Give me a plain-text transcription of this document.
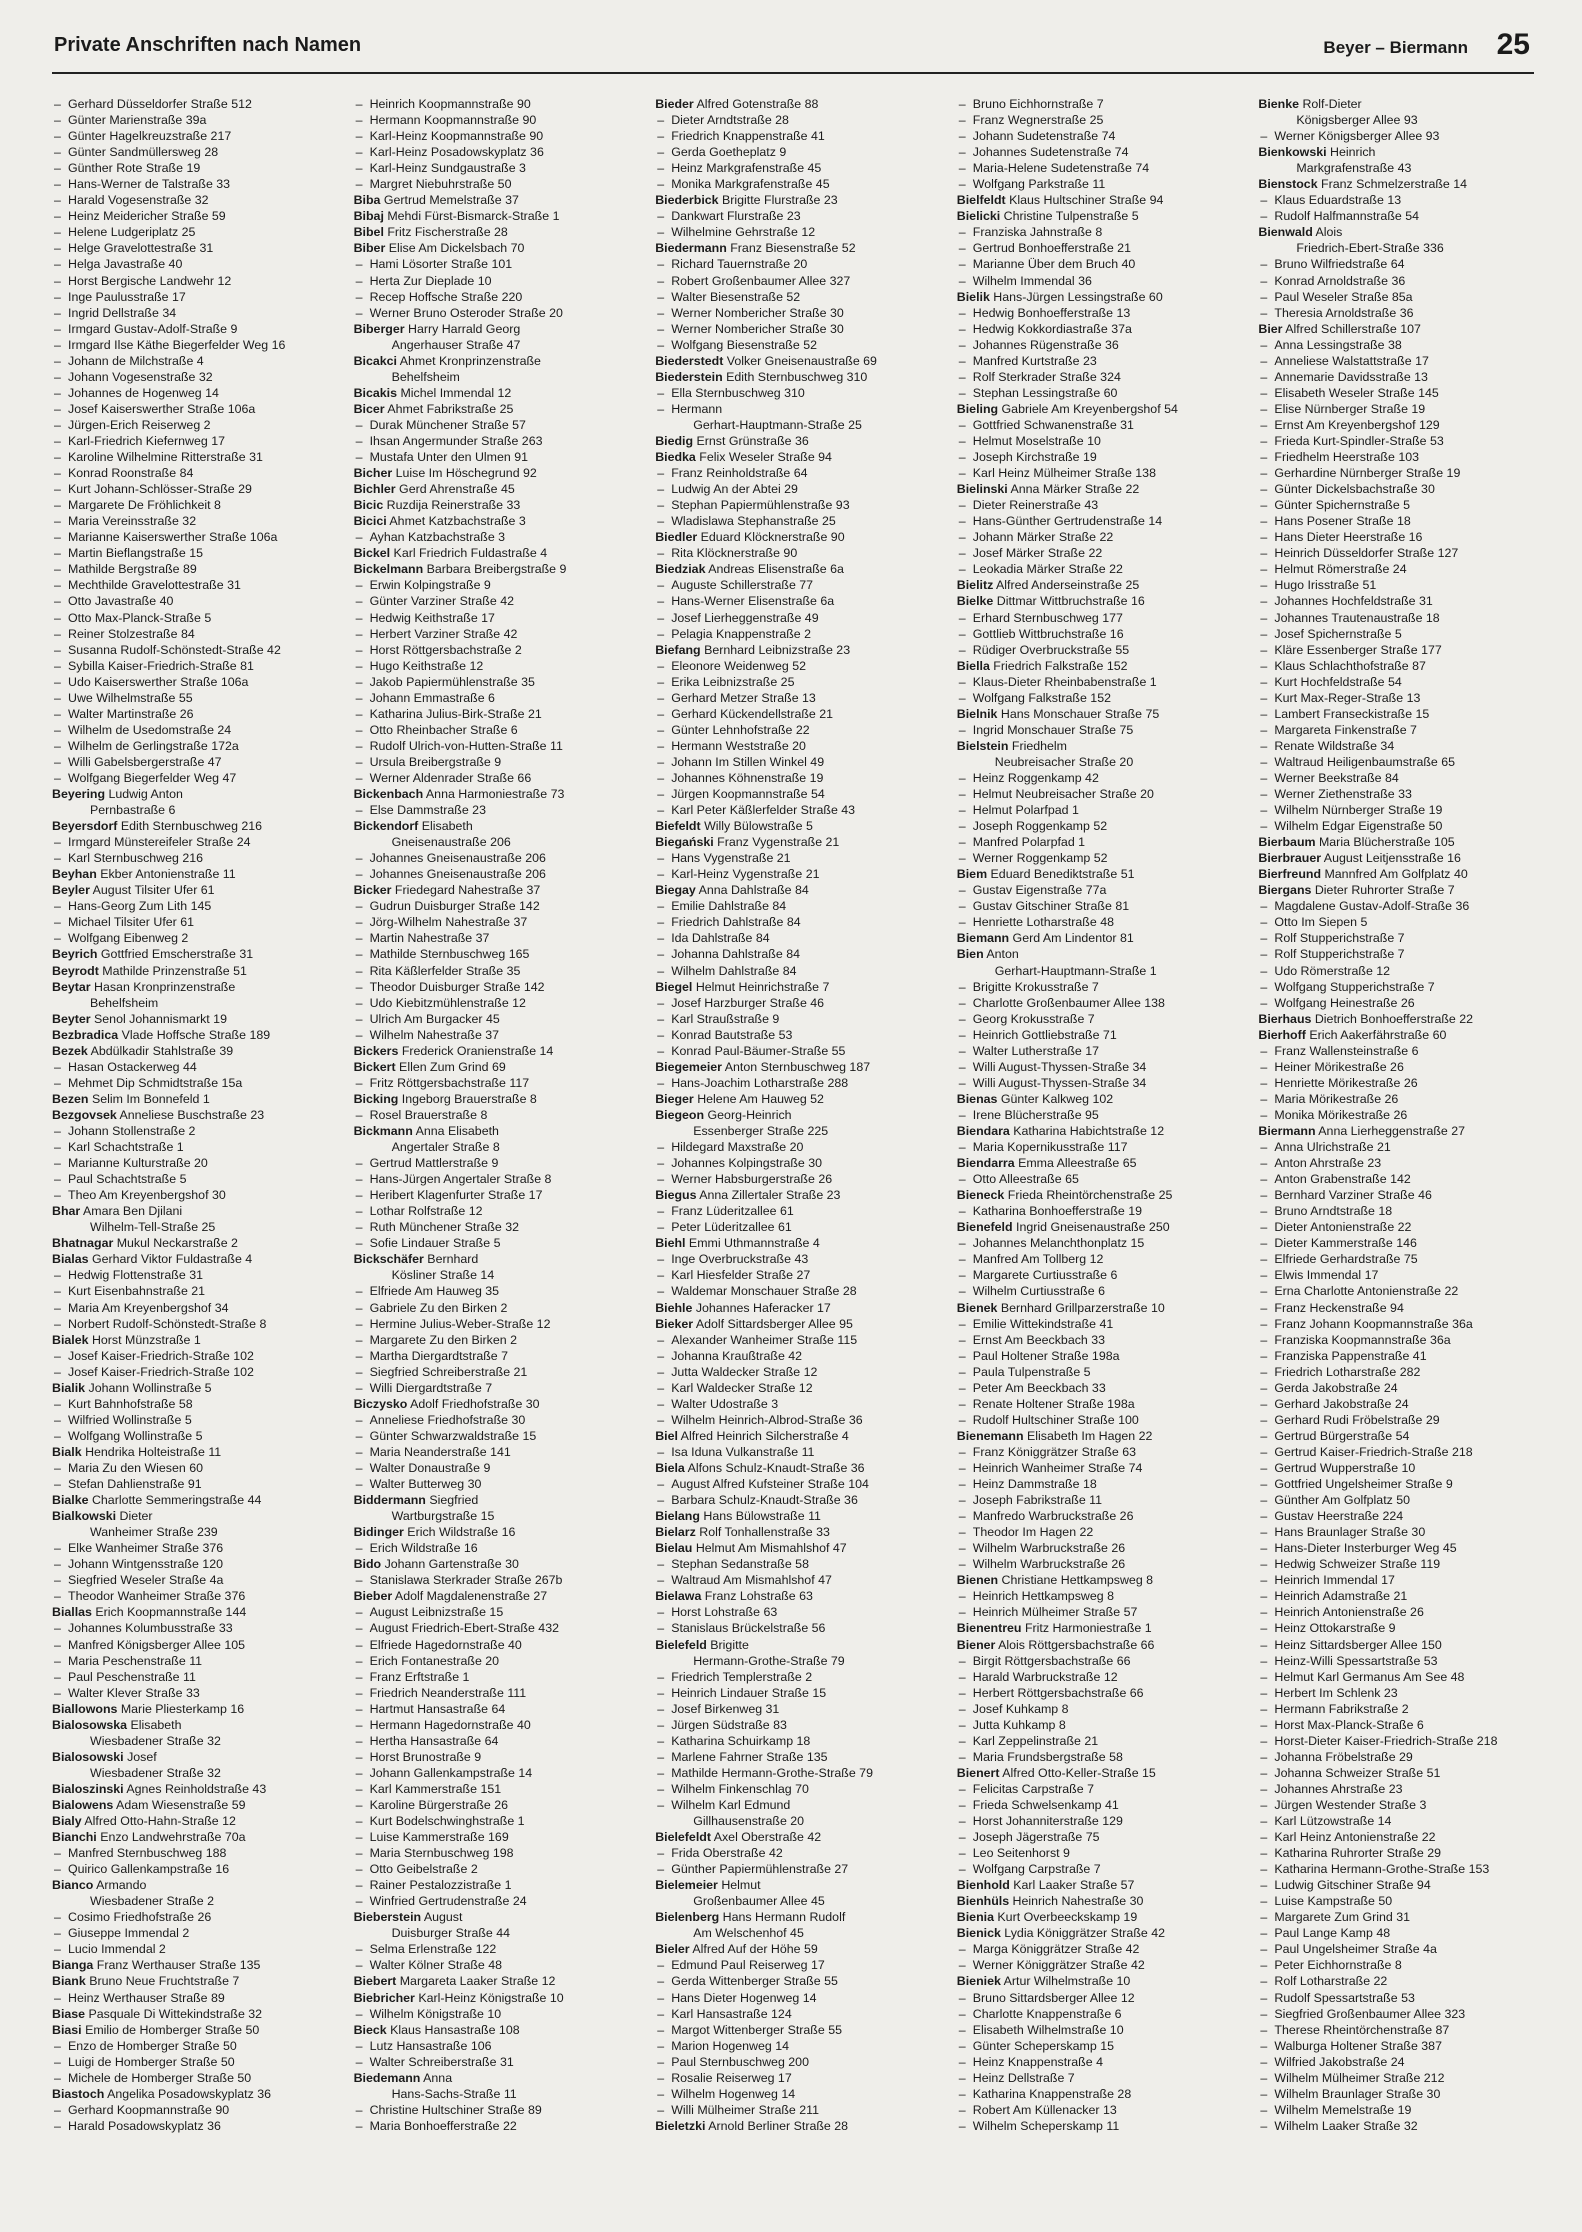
Private Anschriften nach Namen	Beyer – Biermann 25
– Gerhard Düsseldorfer Straße 512
– Günter Marienstraße 39a
– Günter Hagelkreuzstraße 217
– Günter Sandmüllersweg 28
– Günther Rote Straße 19
– Hans-Werner de Talstraße 33
– Harald Vogesenstraße 32
– Heinz Meidericher Straße 59
– Helene Ludgeriplatz 25
– Helge Gravelottestraße 31
– Helga Javastraße 40
– Horst Bergische Landwehr 12
– Inge Paulusstraße 17
– Ingrid Dellstraße 34
– Irmgard Gustav-Adolf-Straße 9
– Irmgard Ilse Käthe Biegerfelder Weg 16
– Johann de Milchstraße 4
– Johann Vogesenstraße 32
– Johannes de Hogenweg 14
– Josef Kaiserswerther Straße 106a
– Jürgen-Erich Reiserweg 2
– Karl-Friedrich Kiefernweg 17
– Karoline Wilhelmine Ritterstraße 31
– Konrad Roonstraße 84
– Kurt Johann-Schlösser-Straße 29
– Margarete De Fröhlichkeit 8
– Maria Vereinsstraße 32
– Marianne Kaiserswerther Straße 106a
– Martin Bieflangstraße 15
– Mathilde Bergstraße 89
– Mechthilde Gravelottestraße 31
– Otto Javastraße 40
– Otto Max-Planck-Straße 5
– Reiner Stolzestraße 84
– Susanna Rudolf-Schönstedt-Straße 42
– Sybilla Kaiser-Friedrich-Straße 81
– Udo Kaiserswerther Straße 106a
– Uwe Wilhelmstraße 55
– Walter Martinstraße 26
– Wilhelm de Usedomstraße 24
– Wilhelm de Gerlingstraße 172a
– Willi Gabelsbergerstraße 47
– Wolfgang Biegerfelder Weg 47
Beyering Ludwig Anton
Pernbastraße 6
Beyersdorf Edith Sternbuschweg 216
– Irmgard Münstereifeler Straße 24
– Karl Sternbuschweg 216
Beyhan Ekber Antonienstraße 11
Beyler August Tilsiter Ufer 61
– Hans-Georg Zum Lith 145
– Michael Tilsiter Ufer 61
– Wolfgang Eibenweg 2
Beyrich Gottfried Emscherstraße 31
Beyrodt Mathilde Prinzenstraße 51
Beytar Hasan Kronprinzenstraße
Behelfsheim
Beyter Senol Johannismarkt 19
Bezbradica Vlade Hoffsche Straße 189
Bezek Abdülkadir Stahlstraße 39
– Hasan Ostackerweg 44
– Mehmet Dip Schmidtstraße 15a
Bezen Selim Im Bonnefeld 1
Bezgovsek Anneliese Buschstraße 23
– Johann Stollenstraße 2
– Karl Schachtstraße 1
– Marianne Kulturstraße 20
– Paul Schachtstraße 5
– Theo Am Kreyenbergshof 30
Bhar Amara Ben Djilani
Wilhelm-Tell-Straße 25
Bhatnagar Mukul Neckarstraße 2
Bialas Gerhard Viktor Fuldastraße 4
– Hedwig Flottenstraße 31
– Kurt Eisenbahnstraße 21
– Maria Am Kreyenbergshof 34
– Norbert Rudolf-Schönstedt-Straße 8
Bialek Horst Münzstraße 1
– Josef Kaiser-Friedrich-Straße 102
– Josef Kaiser-Friedrich-Straße 102
Bialik Johann Wollinstraße 5
– Kurt Bahnhofstraße 58
– Wilfried Wollinstraße 5
– Wolfgang Wollinstraße 5
Bialk Hendrika Holteistraße 11
– Maria Zu den Wiesen 60
– Stefan Dahlienstraße 91
Bialke Charlotte Semmeringstraße 44
Bialkowski Dieter
Wanheimer Straße 239
– Elke Wanheimer Straße 376
– Johann Wintgensstraße 120
– Siegfried Weseler Straße 4a
– Theodor Wanheimer Straße 376
Biallas Erich Koopmannstraße 144
– Johannes Kolumbusstraße 33
– Manfred Königsberger Allee 105
– Maria Peschenstraße 11
– Paul Peschenstraße 11
– Walter Klever Straße 33
Biallowons Marie Pliesterkamp 16
Bialosowska Elisabeth
Wiesbadener Straße 32
Bialosowski Josef
Wiesbadener Straße 32
Bialoszinski Agnes Reinholdstraße 43
Bialowens Adam Wiesenstraße 59
Bialy Alfred Otto-Hahn-Straße 12
Bianchi Enzo Landwehrstraße 70a
– Manfred Sternbuschweg 188
– Quirico Gallenkampstraße 16
Bianco Armando
Wiesbadener Straße 2
– Cosimo Friedhofstraße 26
– Giuseppe Immendal 2
– Lucio Immendal 2
Bianga Franz Werthauser Straße 135
Biank Bruno Neue Fruchtstraße 7
– Heinz Werthauser Straße 89
Biase Pasquale Di Wittekindstraße 32
Biasi Emilio de Homberger Straße 50
– Enzo de Homberger Straße 50
– Luigi de Homberger Straße 50
– Michele de Homberger Straße 50
Biastoch Angelika Posadowskyplatz 36
– Gerhard Koopmannstraße 90
– Harald Posadowskyplatz 36
– Heinrich Koopmannstraße 90
– Hermann Koopmannstraße 90
– Karl-Heinz Koopmannstraße 90
– Karl-Heinz Posadowskyplatz 36
– Karl-Heinz Sundgaustraße 3
– Margret Niebuhrstraße 50
Biba Gertrud Memelstraße 37
Bibaj Mehdi Fürst-Bismarck-Straße 1
Bibel Fritz Fischerstraße 28
Biber Elise Am Dickelsbach 70
– Hami Lösorter Straße 101
– Herta Zur Dieplade 10
– Recep Hoffsche Straße 220
– Werner Bruno Osteroder Straße 20
Biberger Harry Harrald Georg
Angerhauser Straße 47
Bicakci Ahmet Kronprinzenstraße
Behelfsheim
Bicakis Michel Immendal 12
Bicer Ahmet Fabrikstraße 25
– Durak Münchener Straße 57
– Ihsan Angermunder Straße 263
– Mustafa Unter den Ulmen 91
Bicher Luise Im Höschegrund 92
Bichler Gerd Ahrenstraße 45
Bicic Ruzdija Reinerstraße 33
Bicici Ahmet Katzbachstraße 3
– Ayhan Katzbachstraße 3
Bickel Karl Friedrich Fuldastraße 4
Bickelmann Barbara Breibergstraße 9
– Erwin Kolpingstraße 9
– Günter Varziner Straße 42
– Hedwig Keithstraße 17
– Herbert Varziner Straße 42
– Horst Röttgersbachstraße 2
– Hugo Keithstraße 12
– Jakob Papiermühlenstraße 35
– Johann Emmastraße 6
– Katharina Julius-Birk-Straße 21
– Otto Rheinbacher Straße 6
– Rudolf Ulrich-von-Hutten-Straße 11
– Ursula Breibergstraße 9
– Werner Aldenrader Straße 66
Bickenbach Anna Harmoniestraße 73
– Else Dammstraße 23
Bickendorf Elisabeth
Gneisenaustraße 206
– Johannes Gneisenaustraße 206
– Johannes Gneisenaustraße 206
Bicker Friedegard Nahestraße 37
– Gudrun Duisburger Straße 142
– Jörg-Wilhelm Nahestraße 37
– Martin Nahestraße 37
– Mathilde Sternbuschweg 165
– Rita Käßlerfelder Straße 35
– Theodor Duisburger Straße 142
– Udo Kiebitzmühlenstraße 12
– Ulrich Am Burgacker 45
– Wilhelm Nahestraße 37
Bickers Frederick Oranienstraße 14
Bickert Ellen Zum Grind 69
– Fritz Röttgersbachstraße 117
Bicking Ingeborg Brauerstraße 8
– Rosel Brauerstraße 8
Bickmann Anna Elisabeth
Angertaler Straße 8
– Gertrud Mattlerstraße 9
– Hans-Jürgen Angertaler Straße 8
– Heribert Klagenfurter Straße 17
– Lothar Rolfstraße 12
– Ruth Münchener Straße 32
– Sofie Lindauer Straße 5
Bickschäfer Bernhard
Kösliner Straße 14
– Elfriede Am Hauweg 35
– Gabriele Zu den Birken 2
– Hermine Julius-Weber-Straße 12
– Margarete Zu den Birken 2
– Martha Diergardtstraße 7
– Siegfried Schreiberstraße 21
– Willi Diergardtstraße 7
Biczysko Adolf Friedhofstraße 30
– Anneliese Friedhofstraße 30
– Günter Schwarzwaldstraße 15
– Maria Neanderstraße 141
– Walter Donaustraße 9
– Walter Butterweg 30
Biddermann Siegfried
Wartburgstraße 15
Bidinger Erich Wildstraße 16
– Erich Wildstraße 16
Bido Johann Gartenstraße 30
– Stanislawa Sterkrader Straße 267b
Bieber Adolf Magdalenenstraße 27
– August Leibnizstraße 15
– August Friedrich-Ebert-Straße 432
– Elfriede Hagedornstraße 40
– Erich Fontanestraße 20
– Franz Erftstraße 1
– Friedrich Neanderstraße 111
– Hartmut Hansastraße 64
– Hermann Hagedornstraße 40
– Hertha Hansastraße 64
– Horst Brunostraße 9
– Johann Gallenkampstraße 14
– Karl Kammerstraße 151
– Karoline Bürgerstraße 26
– Kurt Bodelschwinghstraße 1
– Luise Kammerstraße 169
– Maria Sternbuschweg 198
– Otto Geibelstraße 2
– Rainer Pestalozzistraße 1
– Winfried Gertrudenstraße 24
Bieberstein August
Duisburger Straße 44
– Selma Erlenstraße 122
– Walter Kölner Straße 48
Biebert Margareta Laaker Straße 12
Biebricher Karl-Heinz Königstraße 10
– Wilhelm Königstraße 10
Bieck Klaus Hansastraße 108
– Lutz Hansastraße 106
– Walter Schreiberstraße 31
Biedemann Anna
Hans-Sachs-Straße 11
– Christine Hultschiner Straße 89
– Maria Bonhoefferstraße 22
Bieder Alfred Gotenstraße 88
– Dieter Arndtstraße 28
– Friedrich Knappenstraße 41
– Gerda Goetheplatz 9
– Heinz Markgrafenstraße 45
– Monika Markgrafenstraße 45
Biederbick Brigitte Flurstraße 23
– Dankwart Flurstraße 23
– Wilhelmine Gehrstraße 12
Biedermann Franz Biesenstraße 52
– Richard Tauernstraße 20
– Robert Großenbaumer Allee 327
– Walter Biesenstraße 52
– Werner Nombericher Straße 30
– Werner Nombericher Straße 30
– Wolfgang Biesenstraße 52
Biederstedt Volker Gneisenaustraße 69
Biederstein Edith Sternbuschweg 310
– Ella Sternbuschweg 310
– Hermann
Gerhart-Hauptmann-Straße 25
Biedig Ernst Grünstraße 36
Biedka Felix Weseler Straße 94
– Franz Reinholdstraße 64
– Ludwig An der Abtei 29
– Stephan Papiermühlenstraße 93
– Wladislawa Stephanstraße 25
Biedler Eduard Klöcknerstraße 90
– Rita Klöcknerstraße 90
Biedziak Andreas Elisenstraße 6a
– Auguste Schillerstraße 77
– Hans-Werner Elisenstraße 6a
– Josef Lierheggenstraße 49
– Pelagia Knappenstraße 2
Biefang Bernhard Leibnizstraße 23
– Eleonore Weidenweg 52
– Erika Leibnizstraße 25
– Gerhard Metzer Straße 13
– Gerhard Kückendellstraße 21
– Günter Lehnhofstraße 22
– Hermann Weststraße 20
– Johann Im Stillen Winkel 49
– Johannes Köhnenstraße 19
– Jürgen Koopmannstraße 54
– Karl Peter Käßlerfelder Straße 43
Biefeldt Willy Bülowstraße 5
Biegański Franz Vygenstraße 21
– Hans Vygenstraße 21
– Karl-Heinz Vygenstraße 21
Biegay Anna Dahlstraße 84
– Emilie Dahlstraße 84
– Friedrich Dahlstraße 84
– Ida Dahlstraße 84
– Johanna Dahlstraße 84
– Wilhelm Dahlstraße 84
Biegel Helmut Heinrichstraße 7
– Josef Harzburger Straße 46
– Karl Straußstraße 9
– Konrad Bautstraße 53
– Konrad Paul-Bäumer-Straße 55
Biegemeier Anton Sternbuschweg 187
– Hans-Joachim Lotharstraße 288
Bieger Helene Am Hauweg 52
Biegeon Georg-Heinrich
Essenberger Straße 225
– Hildegard Maxstraße 20
– Johannes Kolpingstraße 30
– Werner Habsburgerstraße 26
Biegus Anna Zillertaler Straße 23
– Franz Lüderitzallee 61
– Peter Lüderitzallee 61
Biehl Emmi Uthmannstraße 4
– Inge Overbruckstraße 43
– Karl Hiesfelder Straße 27
– Waldemar Monschauer Straße 28
Biehle Johannes Haferacker 17
Bieker Adolf Sittardsberger Allee 95
– Alexander Wanheimer Straße 115
– Johanna Kraußtraße 42
– Jutta Waldecker Straße 12
– Karl Waldecker Straße 12
– Walter Udostraße 3
– Wilhelm Heinrich-Albrod-Straße 36
Biel Alfred Heinrich Silcherstraße 4
– Isa Iduna Vulkanstraße 11
Biela Alfons Schulz-Knaudt-Straße 36
– August Alfred Kufsteiner Straße 104
– Barbara Schulz-Knaudt-Straße 36
Bielang Hans Bülowstraße 11
Bielarz Rolf Tonhallenstraße 33
Bielau Helmut Am Mismahlshof 47
– Stephan Sedanstraße 58
– Waltraud Am Mismahlshof 47
Bielawa Franz Lohstraße 63
– Horst Lohstraße 63
– Stanislaus Brückelstraße 56
Bielefeld Brigitte
Hermann-Grothe-Straße 79
– Friedrich Templerstraße 2
– Heinrich Lindauer Straße 15
– Josef Birkenweg 31
– Jürgen Südstraße 83
– Katharina Schuirkamp 18
– Marlene Fahrner Straße 135
– Mathilde Hermann-Grothe-Straße 79
– Wilhelm Finkenschlag 70
– Wilhelm Karl Edmund
Gillhausenstraße 20
Bielefeldt Axel Oberstraße 42
– Frida Oberstraße 42
– Günther Papiermühlenstraße 27
Bielemeier Helmut
Großenbaumer Allee 45
Bielenberg Hans Hermann Rudolf
Am Welschenhof 45
Bieler Alfred Auf der Höhe 59
– Edmund Paul Reiserweg 17
– Gerda Wittenberger Straße 55
– Hans Dieter Hogenweg 14
– Karl Hansastraße 124
– Margot Wittenberger Straße 55
– Marion Hogenweg 14
– Paul Sternbuschweg 200
– Rosalie Reiserweg 17
– Wilhelm Hogenweg 14
– Willi Mülheimer Straße 211
Bieletzki Arnold Berliner Straße 28
– Bruno Eichhornstraße 7
– Franz Wegnerstraße 25
– Johann Sudetenstraße 74
– Johannes Sudetenstraße 74
– Maria-Helene Sudetenstraße 74
– Wolfgang Parkstraße 11
Bielfeldt Klaus Hultschiner Straße 94
Bielicki Christine Tulpenstraße 5
– Franziska Jahnstraße 8
– Gertrud Bonhoefferstraße 21
– Marianne Über dem Bruch 40
– Wilhelm Immendal 36
Bielik Hans-Jürgen Lessingstraße 60
– Hedwig Bonhoefferstraße 13
– Hedwig Kokkordiastraße 37a
– Johannes Rügenstraße 36
– Manfred Kurtstraße 23
– Rolf Sterkrader Straße 324
– Stephan Lessingstraße 60
Bieling Gabriele Am Kreyenbergshof 54
– Gottfried Schwanenstraße 31
– Helmut Moselstraße 10
– Joseph Kirchstraße 19
– Karl Heinz Mülheimer Straße 138
Bielinski Anna Märker Straße 22
– Dieter Reinerstraße 43
– Hans-Günther Gertrudenstraße 14
– Johann Märker Straße 22
– Josef Märker Straße 22
– Leokadia Märker Straße 22
Bielitz Alfred Anderseinstraße 25
Bielke Dittmar Wittbruchstraße 16
– Erhard Sternbuschweg 177
– Gottlieb Wittbruchstraße 16
– Rüdiger Overbruckstraße 55
Biella Friedrich Falkstraße 152
– Klaus-Dieter Rheinbabenstraße 1
– Wolfgang Falkstraße 152
Bielnik Hans Monschauer Straße 75
– Ingrid Monschauer Straße 75
Bielstein Friedhelm
Neubreisacher Straße 20
– Heinz Roggenkamp 42
– Helmut Neubreisacher Straße 20
– Helmut Polarfpad 1
– Joseph Roggenkamp 52
– Manfred Polarpfad 1
– Werner Roggenkamp 52
Biem Eduard Benediktstraße 51
– Gustav Eigenstraße 77a
– Gustav Gitschiner Straße 81
– Henriette Lotharstraße 48
Biemann Gerd Am Lindentor 81
Bien Anton
Gerhart-Hauptmann-Straße 1
– Brigitte Krokusstraße 7
– Charlotte Großenbaumer Allee 138
– Georg Krokusstraße 7
– Heinrich Gottliebstraße 71
– Walter Lutherstraße 17
– Willi August-Thyssen-Straße 34
– Willi August-Thyssen-Straße 34
Bienas Günter Kalkweg 102
– Irene Blücherstraße 95
Biendara Katharina Habichtstraße 12
– Maria Kopernikusstraße 117
Biendarra Emma Alleestraße 65
– Otto Alleestraße 65
Bieneck Frieda Rheintörchenstraße 25
– Katharina Bonhoefferstraße 19
Bienefeld Ingrid Gneisenaustraße 250
– Johannes Melanchthonplatz 15
– Manfred Am Tollberg 12
– Margarete Curtiusstraße 6
– Wilhelm Curtiusstraße 6
Bienek Bernhard Grillparzerstraße 10
– Emilie Wittekindstraße 41
– Ernst Am Beeckbach 33
– Paul Holtener Straße 198a
– Paula Tulpenstraße 5
– Peter Am Beeckbach 33
– Renate Holtener Straße 198a
– Rudolf Hultschiner Straße 100
Bienemann Elisabeth Im Hagen 22
– Franz Königgrätzer Straße 63
– Heinrich Wanheimer Straße 74
– Heinz Dammstraße 18
– Joseph Fabrikstraße 11
– Manfredo Warbruckstraße 26
– Theodor Im Hagen 22
– Wilhelm Warbruckstraße 26
– Wilhelm Warbruckstraße 26
Bienen Christiane Hettkampsweg 8
– Heinrich Hettkampsweg 8
– Heinrich Mülheimer Straße 57
Bienentreu Fritz Harmoniestraße 1
Biener Alois Röttgersbachstraße 66
– Birgit Röttgersbachstraße 66
– Harald Warbruckstraße 12
– Herbert Röttgersbachstraße 66
– Josef Kuhkamp 8
– Jutta Kuhkamp 8
– Karl Zeppelinstraße 21
– Maria Frundsbergstraße 58
Bienert Alfred Otto-Keller-Straße 15
– Felicitas Carpstraße 7
– Frieda Schwelsenkamp 41
– Horst Johanniterstraße 129
– Joseph Jägerstraße 75
– Leo Seitenhorst 9
– Wolfgang Carpstraße 7
Bienhold Karl Laaker Straße 57
Bienhüls Heinrich Nahestraße 30
Bienia Kurt Overbeeckskamp 19
Bienick Lydia Königgrätzer Straße 42
– Marga Königgrätzer Straße 42
– Werner Königgrätzer Straße 42
Bieniek Artur Wilhelmstraße 10
– Bruno Sittardsberger Allee 12
– Charlotte Knappenstraße 6
– Elisabeth Wilhelmstraße 10
– Günter Scheperskamp 15
– Heinz Knappenstraße 4
– Heinz Dellstraße 7
– Katharina Knappenstraße 28
– Robert Am Küllenacker 13
– Wilhelm Scheperskamp 11
Bienke Rolf-Dieter
Königsberger Allee 93
– Werner Königsberger Allee 93
Bienkowski Heinrich
Markgrafenstraße 43
Bienstock Franz Schmelzerstraße 14
– Klaus Eduardstraße 13
– Rudolf Halfmannstraße 54
Bienwald Alois
Friedrich-Ebert-Straße 336
– Bruno Wilfriedstraße 64
– Konrad Arnoldstraße 36
– Paul Weseler Straße 85a
– Theresia Arnoldstraße 36
Bier Alfred Schillerstraße 107
– Anna Lessingstraße 38
– Anneliese Walstattstraße 17
– Annemarie Davidsstraße 13
– Elisabeth Weseler Straße 145
– Elise Nürnberger Straße 19
– Ernst Am Kreyenbergshof 129
– Frieda Kurt-Spindler-Straße 53
– Friedhelm Heerstraße 103
– Gerhardine Nürnberger Straße 19
– Günter Dickelsbachstraße 30
– Günter Spichernstraße 5
– Hans Posener Straße 18
– Hans Dieter Heerstraße 16
– Heinrich Düsseldorfer Straße 127
– Helmut Römerstraße 24
– Hugo Irisstraße 51
– Johannes Hochfeldstraße 31
– Johannes Trautenaustraße 18
– Josef Spichernstraße 5
– Kläre Essenberger Straße 177
– Klaus Schlachthofstraße 87
– Kurt Hochfeldstraße 54
– Kurt Max-Reger-Straße 13
– Lambert Franseckistraße 15
– Margareta Finkenstraße 7
– Renate Wildstraße 34
– Waltraud Heiligenbaumstraße 65
– Werner Beekstraße 84
– Werner Ziethenstraße 33
– Wilhelm Nürnberger Straße 19
– Wilhelm Edgar Eigenstraße 50
Bierbaum Maria Blücherstraße 105
Bierbrauer August Leitjensstraße 16
Bierfreund Mannfred Am Golfplatz 40
Biergans Dieter Ruhrorter Straße 7
– Magdalene Gustav-Adolf-Straße 36
– Otto Im Siepen 5
– Rolf Stupperichstraße 7
– Rolf Stupperichstraße 7
– Udo Römerstraße 12
– Wolfgang Stupperichstraße 7
– Wolfgang Heinestraße 26
Bierhaus Dietrich Bonhoefferstraße 22
Bierhoff Erich Aakerfährstraße 60
– Franz Wallensteinstraße 6
– Heiner Mörikestraße 26
– Henriette Mörikestraße 26
– Maria Mörikestraße 26
– Monika Mörikestraße 26
Biermann Anna Lierheggenstraße 27
– Anna Ulrichstraße 21
– Anton Ahrstraße 23
– Anton Grabenstraße 142
– Bernhard Varziner Straße 46
– Bruno Arndtstraße 18
– Dieter Antonienstraße 22
– Dieter Kammerstraße 146
– Elfriede Gerhardstraße 75
– Elwis Immendal 17
– Erna Charlotte Antonienstraße 22
– Franz Heckenstraße 94
– Franz Johann Koopmannstraße 36a
– Franziska Koopmannstraße 36a
– Franziska Pappenstraße 41
– Friedrich Lotharstraße 282
– Gerda Jakobstraße 24
– Gerhard Jakobstraße 24
– Gerhard Rudi Fröbelstraße 29
– Gertrud Bürgerstraße 54
– Gertrud Kaiser-Friedrich-Straße 218
– Gertrud Wupperstraße 10
– Gottfried Ungelsheimer Straße 9
– Günther Am Golfplatz 50
– Gustav Heerstraße 224
– Hans Braunlager Straße 30
– Hans-Dieter Insterburger Weg 45
– Hedwig Schweizer Straße 119
– Heinrich Immendal 17
– Heinrich Adamstraße 21
– Heinrich Antonienstraße 26
– Heinz Ottokarstraße 9
– Heinz Sittardsberger Allee 150
– Heinz-Willi Spessartstraße 53
– Helmut Karl Germanus Am See 48
– Herbert Im Schlenk 23
– Hermann Fabrikstraße 2
– Horst Max-Planck-Straße 6
– Horst-Dieter Kaiser-Friedrich-Straße 218
– Johanna Fröbelstraße 29
– Johanna Schweizer Straße 51
– Johannes Ahrstraße 23
– Jürgen Westender Straße 3
– Karl Lützowstraße 14
– Karl Heinz Antonienstraße 22
– Katharina Ruhrorter Straße 29
– Katharina Hermann-Grothe-Straße 153
– Ludwig Gitschiner Straße 94
– Luise Kampstraße 50
– Margarete Zum Grind 31
– Paul Lange Kamp 48
– Paul Ungelsheimer Straße 4a
– Peter Eichhornstraße 8
– Rolf Lotharstraße 22
– Rudolf Spessartstraße 53
– Siegfried Großenbaumer Allee 323
– Therese Rheintörchenstraße 87
– Walburga Holtener Straße 387
– Wilfried Jakobstraße 24
– Wilhelm Mülheimer Straße 212
– Wilhelm Braunlager Straße 30
– Wilhelm Memelstraße 19
– Wilhelm Laaker Straße 32
